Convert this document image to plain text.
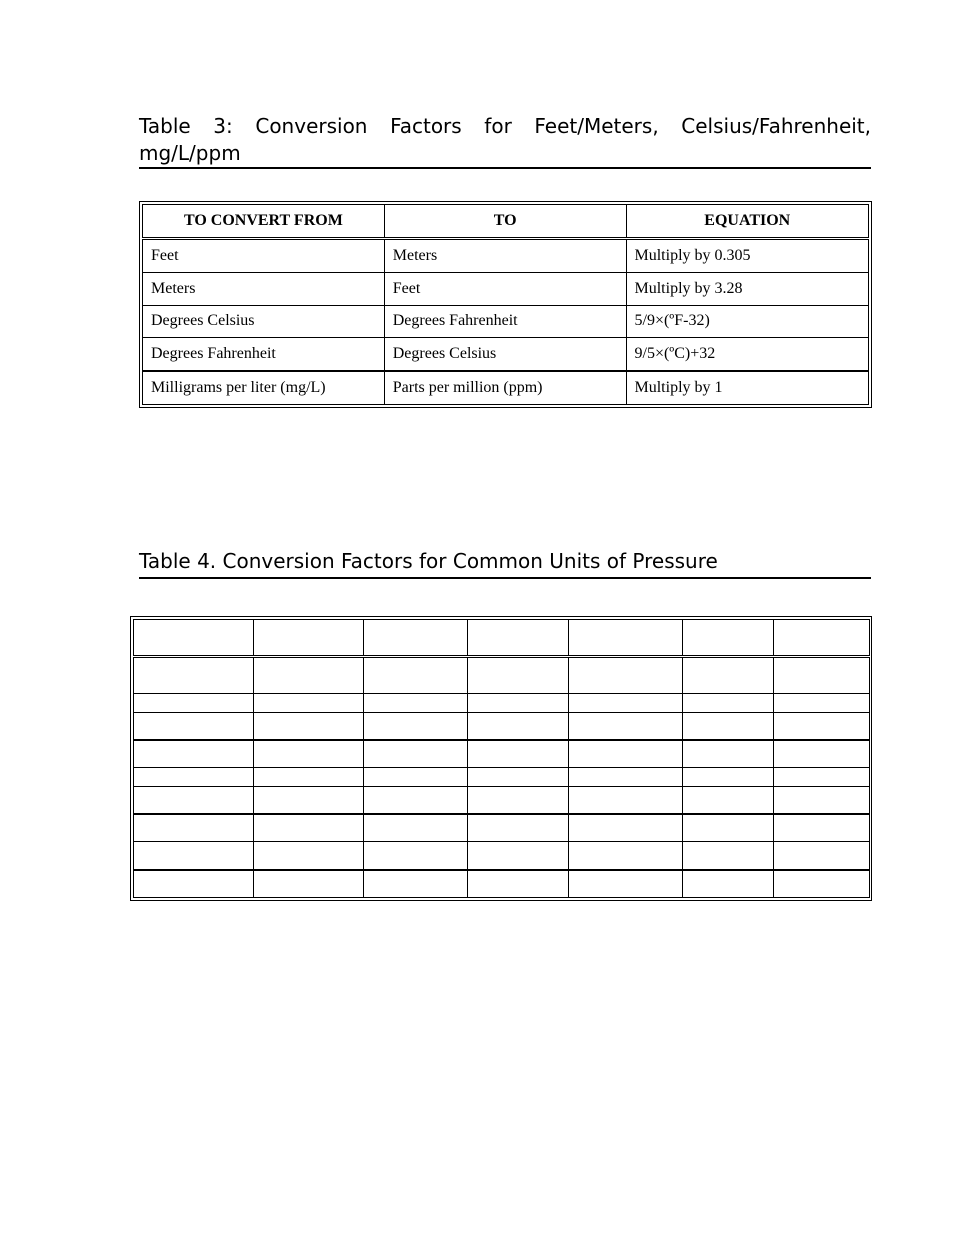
Table 3: Conversion Factors for Feet/Meters, Celsius/Fahrenheit, mg/L/ppm
TO CONVERT FROM	TO	EQUATION
Feet	Meters	Multiply by 0.305
Meters	Feet	Multiply by 3.28
Degrees Celsius	Degrees Fahrenheit	5/9×(ºF-32)
Degrees Fahrenheit	Degrees Celsius	9/5×(ºC)+32
Milligrams per liter (mg/L)	Parts per million (ppm)	Multiply by 1
Table 4. Conversion Factors for Common Units of Pressure
